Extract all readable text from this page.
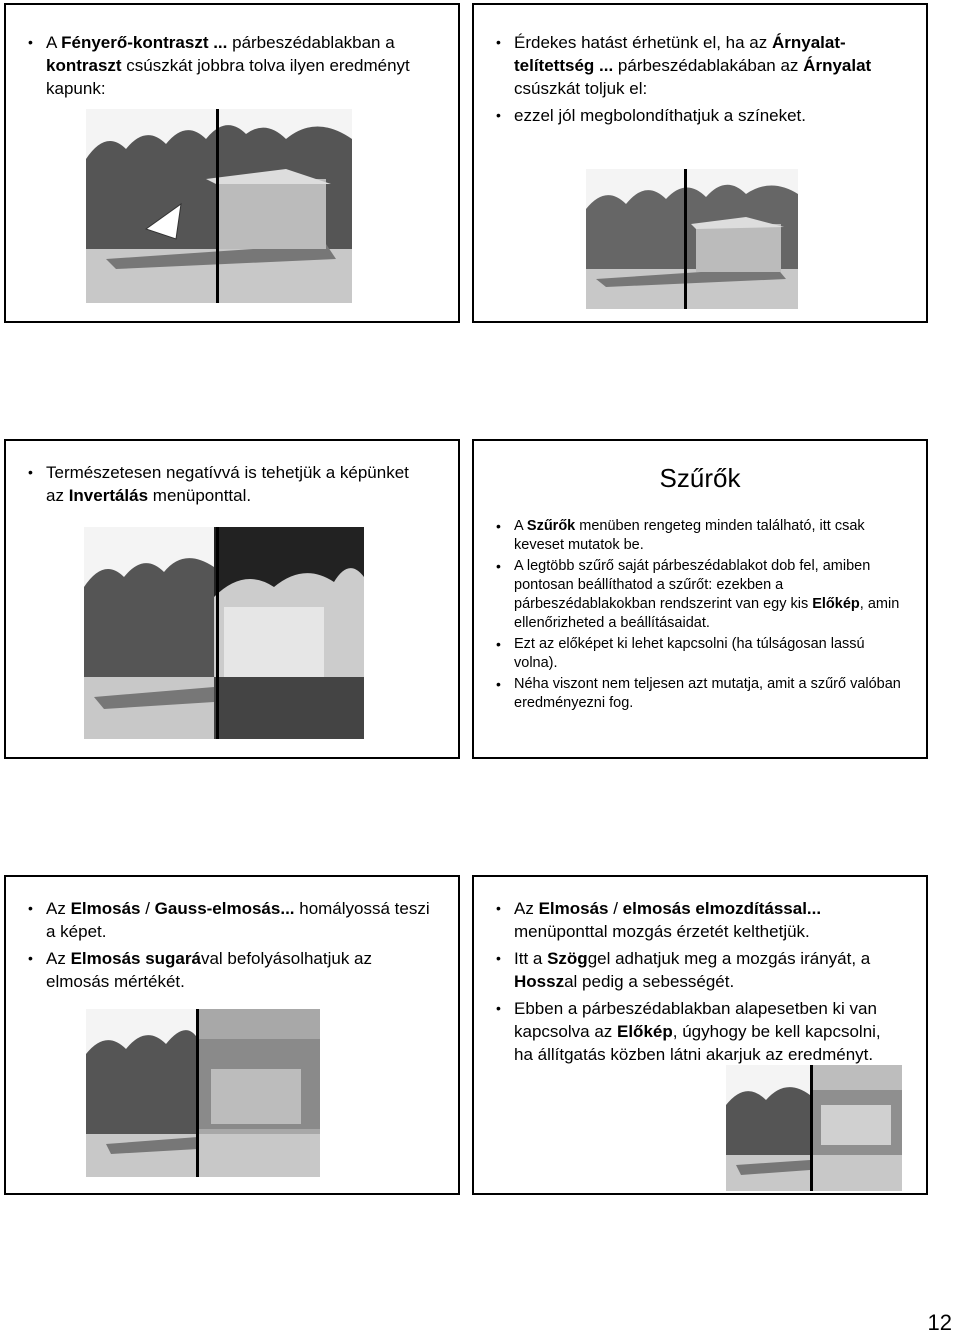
• A Fényerő-kontraszt ... párbeszédablakban a kontraszt csúszkát jobbra tolva ilyen eredményt kapunk:
• Érdekes hatást érhetünk el, ha az Árnyalat-telítettség ... párbeszédablakában az Árnyalat csúszkát toljuk el:
• ezzel jól megbolondíthatjuk a színeket.
• Természetesen negatívvá is tehetjük a képünket az Invertálás menüponttal.
Szűrők
• A Szűrők menüben rengeteg minden található, itt csak keveset mutatok be.
• A legtöbb szűrő saját párbeszédablakot dob fel, amiben pontosan beállíthatod a szűrőt: ezekben a párbeszédablakokban rendszerint van egy kis Előkép, amin ellenőrizheted a beállításaidat.
• Ezt az előképet ki lehet kapcsolni (ha túlságosan lassú volna).
• Néha viszont nem teljesen azt mutatja, amit a szűrő valóban eredményezni fog.
• Az Elmosás / Gauss-elmosás... homályossá teszi a képet.
• Az Elmosás sugarával befolyásolhatjuk az elmosás mértékét.
• Az Elmosás / elmosás elmozdítással... menüponttal mozgás érzetét kelthetjük.
• Itt a Szöggel adhatjuk meg a mozgás irányát, a Hosszal pedig a sebességét.
• Ebben a párbeszédablakban alapesetben ki van kapcsolva az Előkép, úgyhogy be kell kapcsolni, ha állítgatás közben látni akarjuk az eredményt.
12
